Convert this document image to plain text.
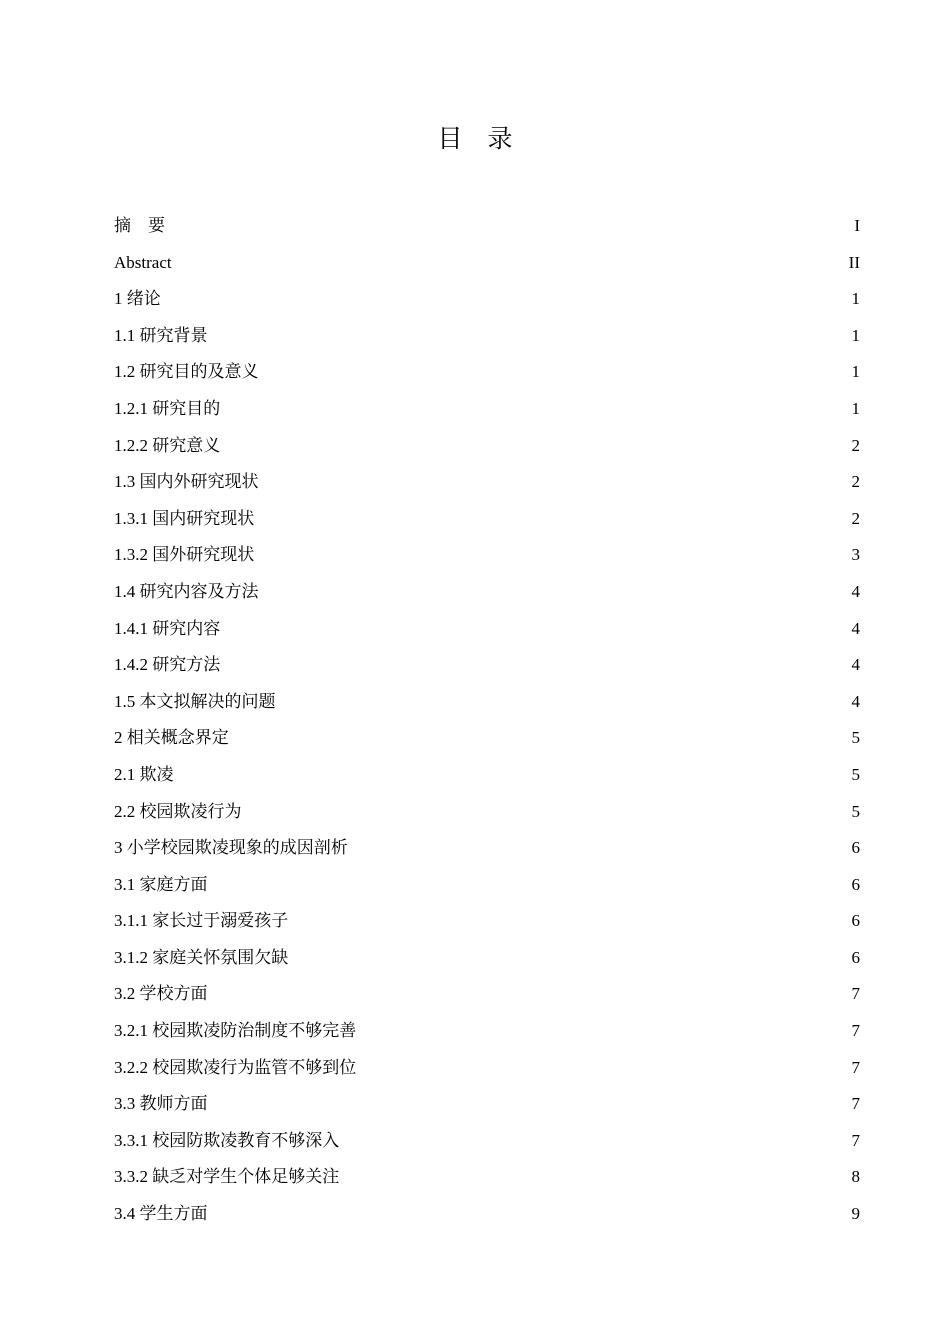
目　录
摘　要 .....	I
Abstract .....	II
1 绪论 .....	1
1.1 研究背景 .....	1
1.2 研究目的及意义 .....	1
1.2.1 研究目的 .....	1
1.2.2 研究意义 .....	2
1.3 国内外研究现状 .....	2
1.3.1 国内研究现状 .....	2
1.3.2 国外研究现状 .....	3
1.4 研究内容及方法 .....	4
1.4.1 研究内容 .....	4
1.4.2 研究方法 .....	4
1.5 本文拟解决的问题 .....	4
2 相关概念界定 .....	5
2.1 欺凌 .....	5
2.2 校园欺凌行为 .....	5
3 小学校园欺凌现象的成因剖析 .....	6
3.1 家庭方面 .....	6
3.1.1 家长过于溺爱孩子 .....	6
3.1.2 家庭关怀氛围欠缺 .....	6
3.2 学校方面 .....	7
3.2.1 校园欺凌防治制度不够完善 .....	7
3.2.2 校园欺凌行为监管不够到位 .....	7
3.3 教师方面 .....	7
3.3.1 校园防欺凌教育不够深入 .....	7
3.3.2 缺乏对学生个体足够关注 .....	8
3.4 学生方面 .....	9
